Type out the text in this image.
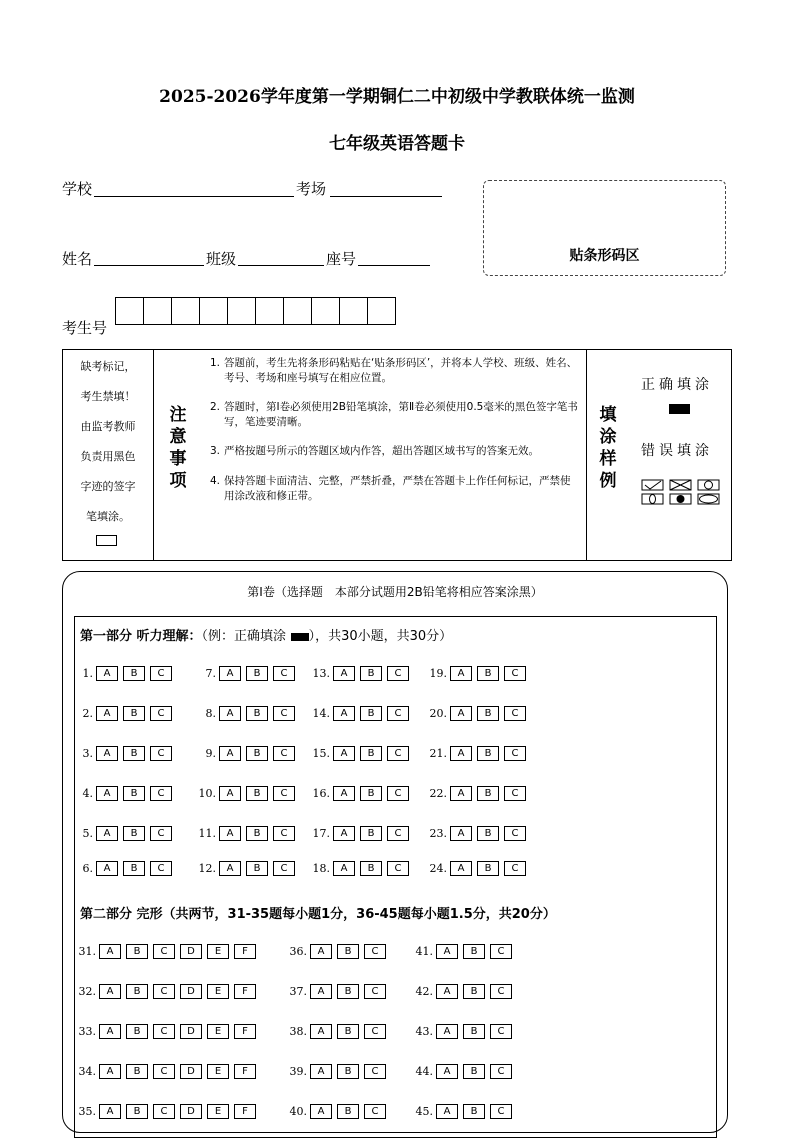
2025-2026学年度第一学期铜仁二中初级中学教联体统一监测
七年级英语答题卡
学校	考场
姓名	班级	座号	贴条形码区
考生号

缺考标记，

考生禁填！

由监考教师

负责用黑色

字迹的签字

笔填涂。

注
意
事
项
1. 答题前，考生先将条形码粘贴在‘贴条形码区’，并将本人学校、班级、姓名、考号、考场和座号填写在相应位置。
2. 答题时，第Ⅰ卷必须使用2B铅笔填涂，第Ⅱ卷必须使用0.5毫米的黑色签字笔书写，笔迹要清晰。
3. 严格按题号所示的答题区域内作答，超出答题区域书写的答案无效。
4. 保持答题卡面清洁、完整，严禁折叠，严禁在答题卡上作任何标记，严禁使用涂改液和修正带。
填
涂
样
例
正确填涂
错误填涂
第Ⅰ卷（选择题　本部分试题用2B铅笔将相应答案涂黑）
第一部分 听力理解：（例：正确填涂 ），共30小题，共30分）
1.	A	B	C
2.	A	B	C
3.	A	B	C
4.	A	B	C
5.	A	B	C
6.	A	B	C
7.	A	B	C
8.	A	B	C
9.	A	B	C
10.	A	B	C
11.	A	B	C
12.	A	B	C
13.	A	B	C
14.	A	B	C
15.	A	B	C
16.	A	B	C
17.	A	B	C
18.	A	B	C
19.	A	B	C
20.	A	B	C
21.	A	B	C
22.	A	B	C
23.	A	B	C
24.	A	B	C
第二部分 完形（共两节，31-35题每小题1分，36-45题每小题1.5分，共20分）
31.	A	B	C	D	E	F
32.	A	B	C	D	E	F
33.	A	B	C	D	E	F
34.	A	B	C	D	E	F
35.	A	B	C	D	E	F
36.	A	B	C
37.	A	B	C
38.	A	B	C
39.	A	B	C
40.	A	B	C
41.	A	B	C
42.	A	B	C
43.	A	B	C
44.	A	B	C
45.	A	B	C
